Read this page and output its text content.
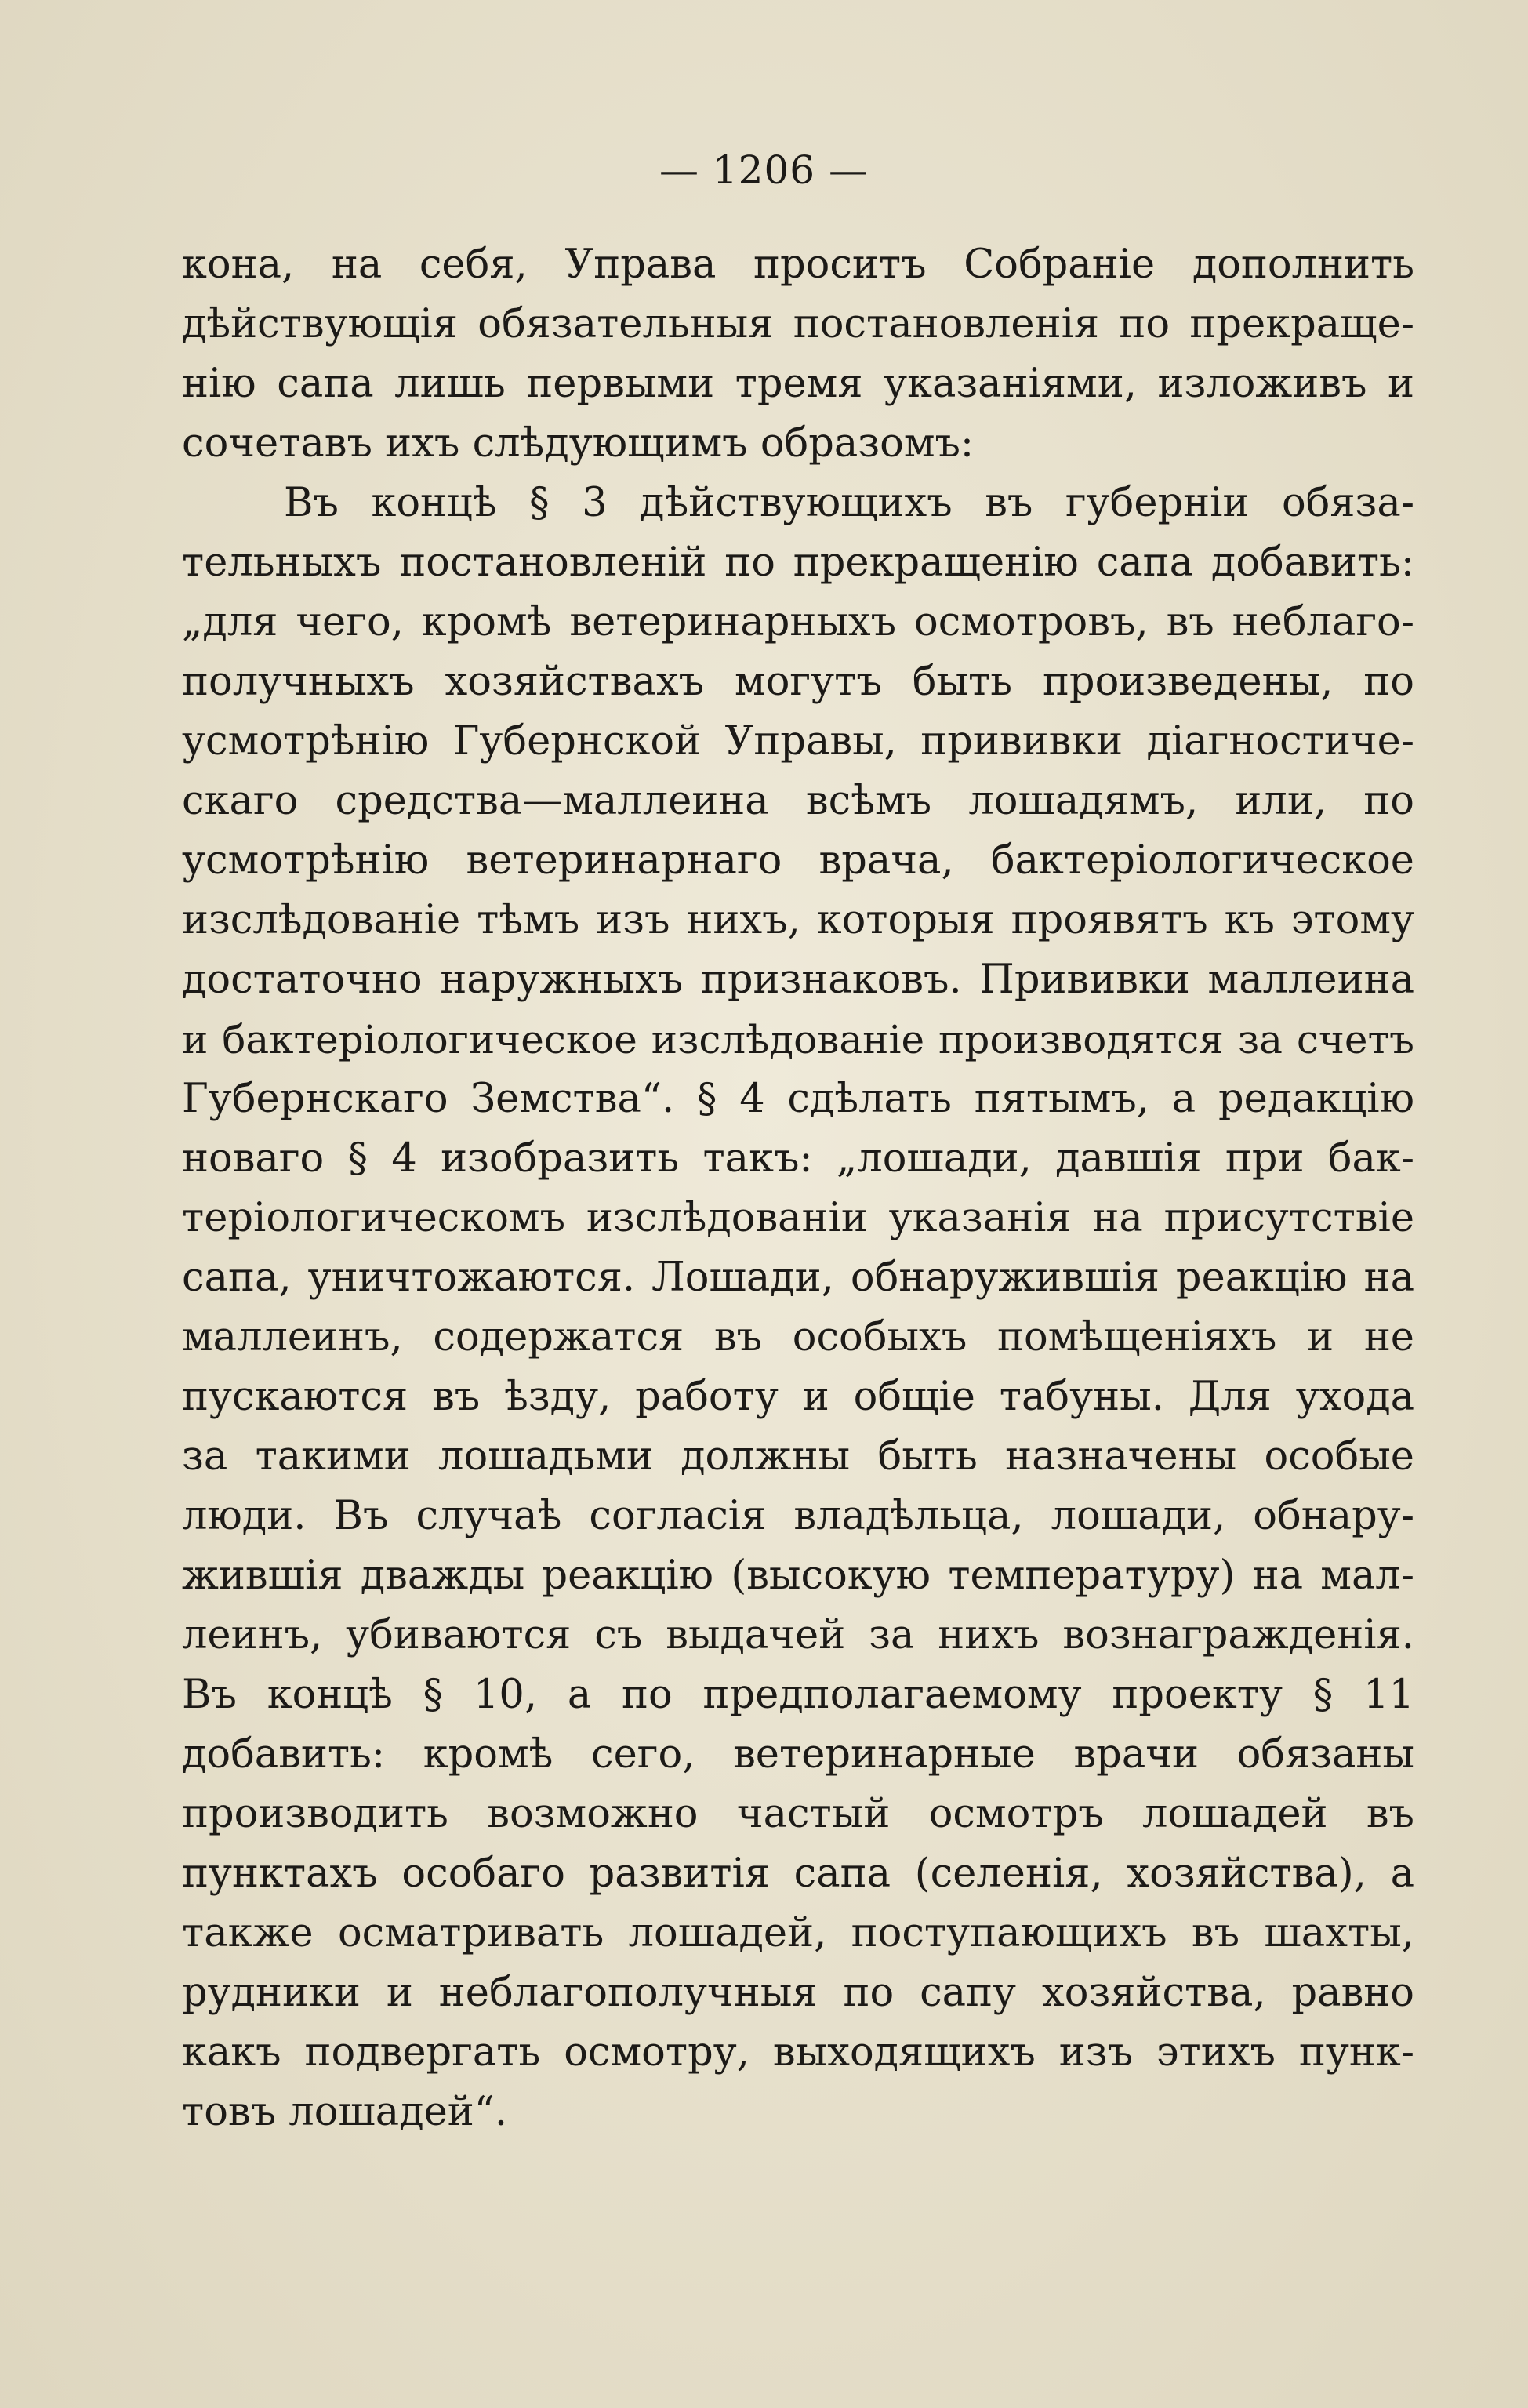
— 1206 —
кона, на себя, Управа проситъ Собраніе дополнить
дѣйствующія обязательныя постановленія по прекраще-
нію сапа лишь первыми тремя указаніями, изложивъ и
сочетавъ ихъ слѣдующимъ образомъ:
Въ концѣ § 3 дѣйствующихъ въ губерніи обяза-
тельныхъ постановленій по прекращенію сапа добавить:
„для чего, кромѣ ветеринарныхъ осмотровъ, въ неблаго-
получныхъ хозяйствахъ могутъ быть произведены, по
усмотрѣнію Губернской Управы, прививки діагностиче-
скаго средства—маллеина всѣмъ лошадямъ, или, по
усмотрѣнію ветеринарнаго врача, бактеріологическое
изслѣдованіе тѣмъ изъ нихъ, которыя проявятъ къ этому
достаточно наружныхъ признаковъ. Прививки маллеина
и бактеріологическое изслѣдованіе производятся за счетъ
Губернскаго Земства“. § 4 сдѣлать пятымъ, а редакцію
новаго § 4 изобразить такъ: „лошади, давшія при бак-
теріологическомъ изслѣдованіи указанія на присутствіе
сапа, уничтожаются. Лошади, обнаружившія реакцію на
маллеинъ, содержатся въ особыхъ помѣщеніяхъ и не
пускаются въ ѣзду, работу и общіе табуны. Для ухода
за такими лошадьми должны быть назначены особые
люди. Въ случаѣ согласія владѣльца, лошади, обнару-
жившія дважды реакцію (высокую температуру) на мал-
леинъ, убиваются съ выдачей за нихъ вознагражденія.
Въ концѣ § 10, а по предполагаемому проекту § 11
добавить: кромѣ сего, ветеринарные врачи обязаны
производить возможно частый осмотръ лошадей въ
пунктахъ особаго развитія сапа (селенія, хозяйства), а
также осматривать лошадей, поступающихъ въ шахты,
рудники и неблагополучныя по сапу хозяйства, равно
какъ подвергать осмотру, выходящихъ изъ этихъ пунк-
товъ лошадей“.
